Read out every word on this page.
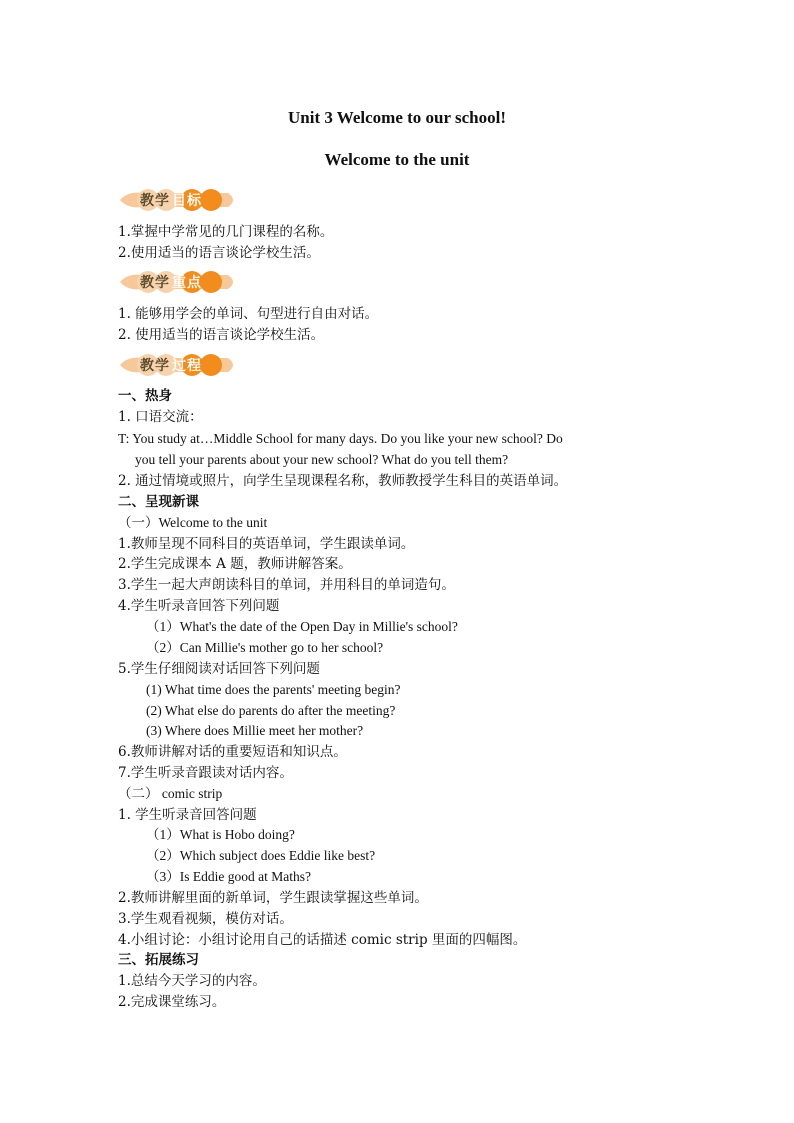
Unit 3 Welcome to our school!
Welcome to the unit
教学 目标
1.掌握中学常见的几门课程的名称。
2.使用适当的语言谈论学校生活。
教学 重点
1. 能够用学会的单词、句型进行自由对话。
2. 使用适当的语言谈论学校生活。
教学 过程
一、热身
1. 口语交流：
T: You study at…Middle School for many days. Do you like your new school? Do
you tell your parents about your new school? What do you tell them?
2. 通过情境或照片，向学生呈现课程名称，教师教授学生科目的英语单词。
二、呈现新课
（一）Welcome to the unit
1.教师呈现不同科目的英语单词，学生跟读单词。
2.学生完成课本 A 题，教师讲解答案。
3.学生一起大声朗读科目的单词，并用科目的单词造句。
4.学生听录音回答下列问题
（1）What's the date of the Open Day in Millie's school?
（2）Can Millie's mother go to her school?
5.学生仔细阅读对话回答下列问题
(1) What time does the parents' meeting begin?
(2) What else do parents do after the meeting?
(3) Where does Millie meet her mother?
6.教师讲解对话的重要短语和知识点。
7.学生听录音跟读对话内容。
（二） comic strip
1. 学生听录音回答问题
（1）What is Hobo doing?
（2）Which subject does Eddie like best?
（3）Is Eddie good at Maths?
2.教师讲解里面的新单词，学生跟读掌握这些单词。
3.学生观看视频，模仿对话。
4.小组讨论：小组讨论用自己的话描述 comic strip 里面的四幅图。
三、拓展练习
1.总结今天学习的内容。
2.完成课堂练习。
